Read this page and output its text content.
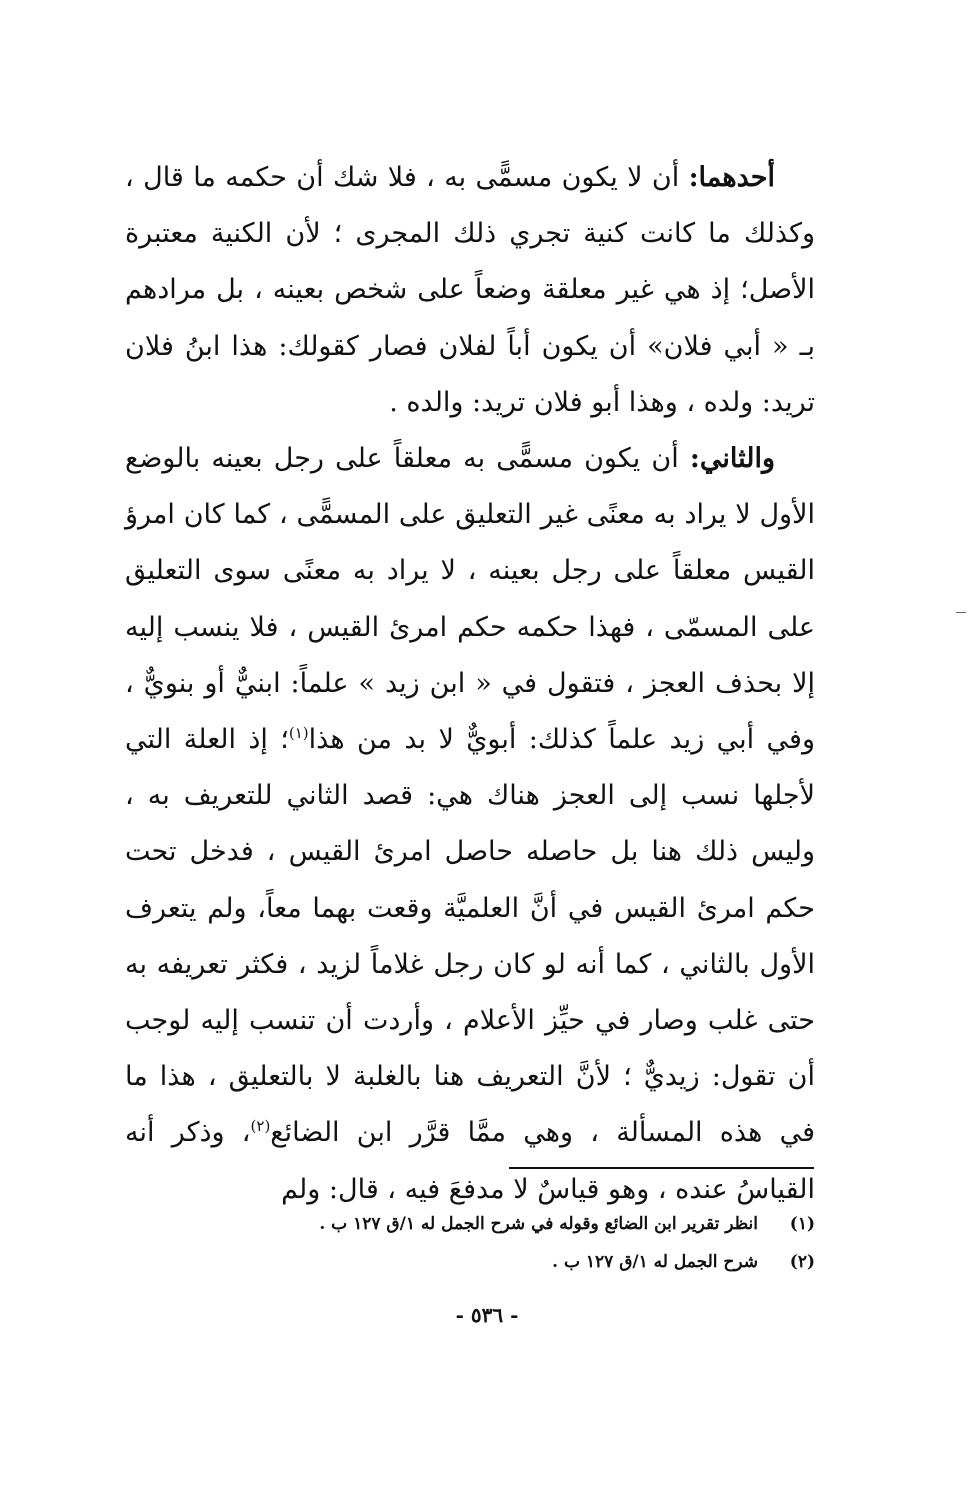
أحدهما: أن لا يكون مسمًّى به ، فلا شك أن حكمه ما قال ، وكذلك ما كانت كنية تجري ذلك المجرى ؛ لأن الكنية معتبرة الأصل؛ إذ هي غير معلقة وضعاً على شخص بعينه ، بل مرادهم بـ « أبي فلان» أن يكون أباً لفلان فصار كقولك: هذا ابنُ فلان تريد: ولده ، وهذا أبو فلان تريد: والده .

والثاني: أن يكون مسمًّى به معلقاً على رجل بعينه بالوضع الأول لا يراد به معنًى غير التعليق على المسمًّى ، كما كان امرؤ القيس معلقاً على رجل بعينه ، لا يراد به معنًى سوى التعليق على المسمّى ، فهذا حكمه حكم امرئ القيس ، فلا ينسب إليه إلا بحذف العجز ، فتقول في « ابن زيد » علماً: ابنيٌّ أو بنويٌّ ، وفي أبي زيد علماً كذلك: أبويٌّ لا بد من هذا$^{(١)}$؛ إذ العلة التي لأجلها نسب إلى العجز هناك هي: قصد الثاني للتعريف به ، وليس ذلك هنا بل حاصله حاصل امرئ القيس ، فدخل تحت حكم امرئ القيس في أنَّ العلميَّة وقعت بهما معاً، ولم يتعرف الأول بالثاني ، كما أنه لو كان رجل غلاماً لزيد ، فكثر تعريفه به حتى غلب وصار في حيِّز الأعلام ، وأردت أن تنسب إليه لوجب أن تقول: زيديٌّ ؛ لأنَّ التعريف هنا بالغلبة لا بالتعليق ، هذا ما في هذه المسألة ، وهي ممَّا قرَّر ابن الضائع$^{(٢)}$، وذكر أنه القياسُ عنده ، وهو قياسٌ لا مدفعَ فيه ، قال: ولم

(١)
انظر تقرير ابن الضائع وقوله في شرح الجمل له ١/ق ١٢٧ ب .
(٢)
شرح الجمل له ١/ق ١٢٧ ب .
- ٥٣٦ -
